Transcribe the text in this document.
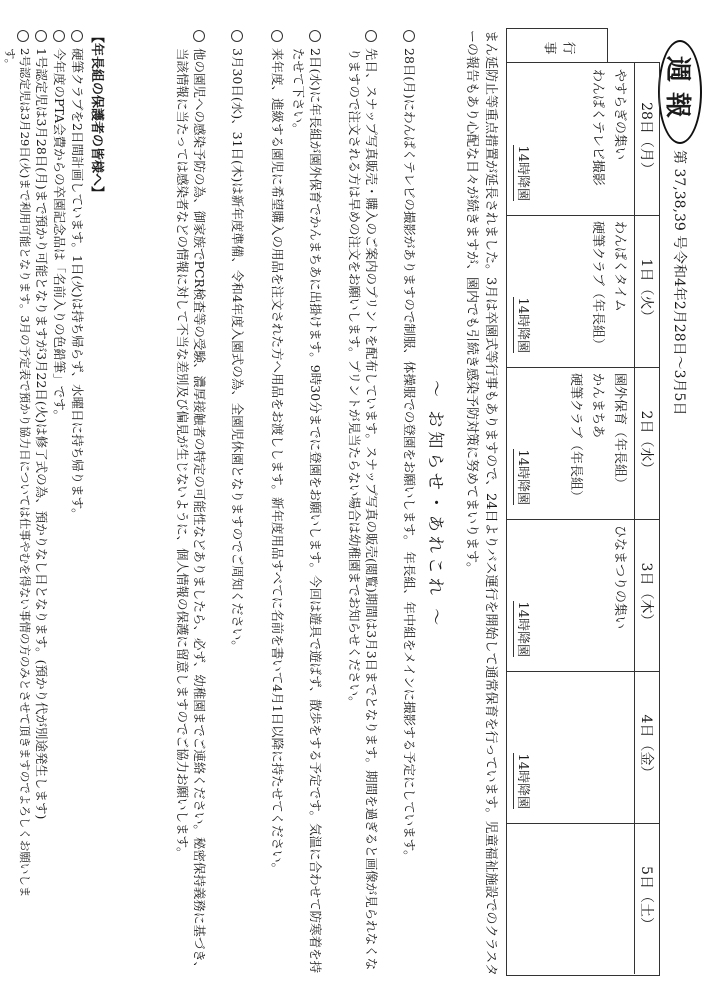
週報
第 37,38,39 号
令和4年2月28日～3月5日
行事
28日（月）
やすらぎの集い
わんぱくテレビ撮影
14時降園
1日（火）
わんぱくタイム
硬筆クラブ（年長組）
14時降園
2日（水）
園外保育（年長組）
かんまちあ
硬筆クラブ（年長組）
14時降園
3日（木）
ひなまつりの集い
14時降園
4日（金）
14時降園
5日（土）
まん延防止等重点措置が延長されました。3月は卒園式等行事もありますので、24日よりバス運行を開始して通常保育を行っています。児童福祉施設でのクラスターの報告もあり心配な日々が続きますが、園内でも引続き感染予防対策に努めてまいります。
～ お知らせ・あれこれ ～
28日(月)にわんぱくテレビの撮影がありますので制服、体操服での登園をお願いします。 年長組、年中組をメインに撮影する予定にしています。
先日、スナップ写真販売・購入のご案内のプリントを配布しています。スナップ写真の販売(閲覧)期間は3月3日までとなります。期間を過ぎると画像が見られなくなりますので注文される方は早めの注文をお願いします。プリントが見当たらない場合は幼稚園までお知らせください。
2日(水)に年長組が園外保育でかんまちあに出掛けます。9時30分までに登園をお願いします。今回は遊具で遊ばず、散歩をする予定です。気温に合わせて防寒着を持たせて下さい。
来年度、進級する園児に希望購入の用品を注文された方へ用品をお渡しします。新年度用品すべてに名前を書いて4月1日以降に持たせてください。
3月30日(水)、31日(木)は新年度準備、令和4年度入園式の為、全園児休園となりますのでご周知ください。
他の園児への感染予防の為、御家族でPCR検査等の受験、濃厚接触者の特定の可能性などありましたら、必ず、幼稚園までご連絡ください。秘密保持義務に基づき、当該情報に当たっては感染者などの情報に対して不当な差別及び偏見が生じないように、個人情報の保護に留意しますのでご協力お願いします。
【年長組の保護者の皆様へ】
硬筆クラブを2日間計画しています。1日(火)は持ち帰らず、水曜日に持ち帰ります。
今年度のPTA会費からの卒園記念品は「名前入りの色鉛筆」です。
1号認定児は3月28日(月)まで預かり可能となりますが3月22日(火)は修了式の為、預かりなし日となります。(預かり代が別途発生します)
2号認定児は3月29日(火)まで利用可能となります。3月の予定表で預かり協力日については仕事やむを得ない事情の方のみとさせて頂きますのでよろしくお願いします。
